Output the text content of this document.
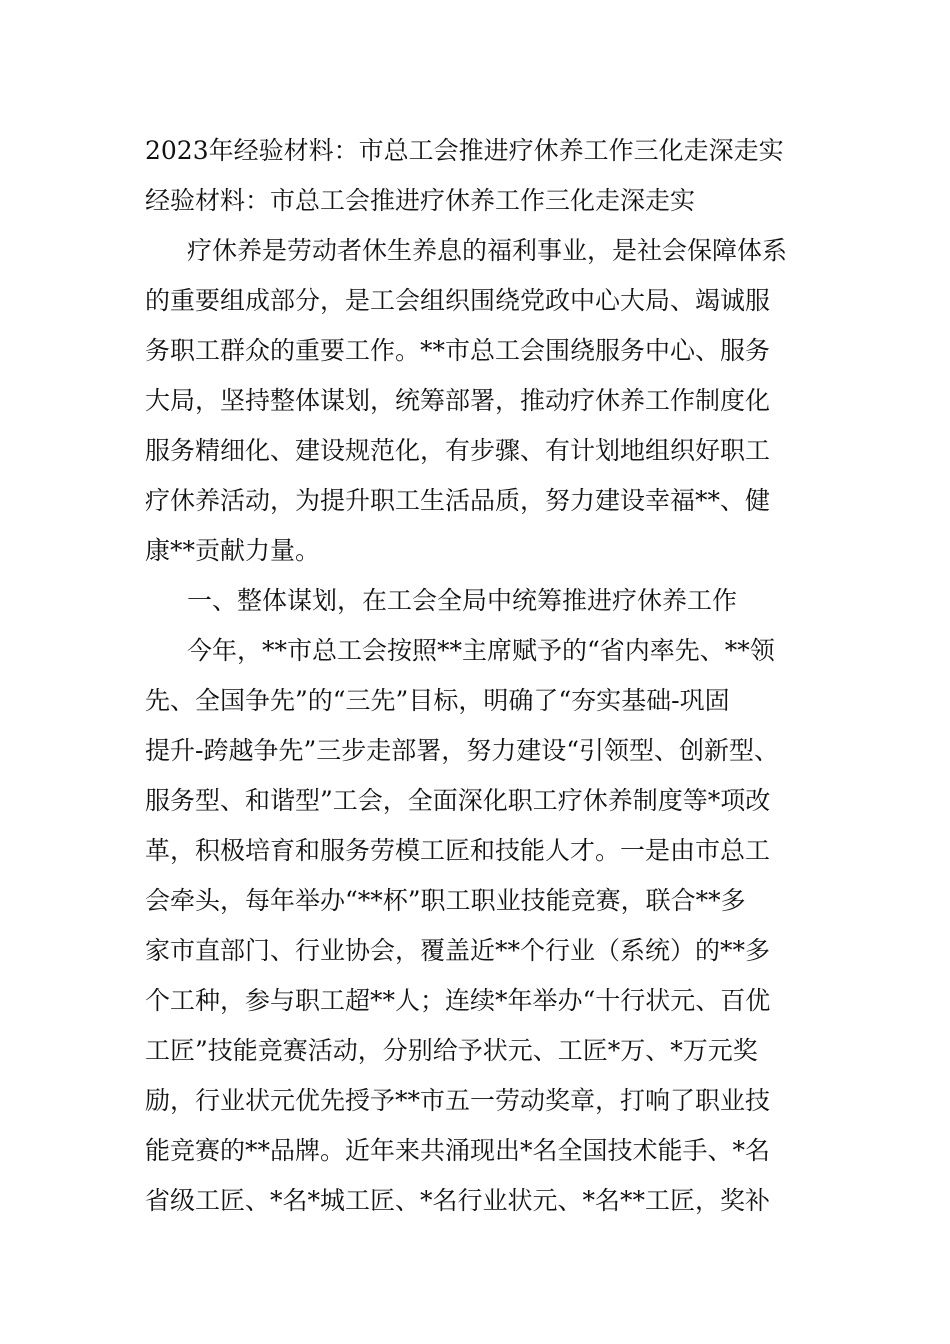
2023年经验材料：市总工会推进疗休养工作三化走深走实
经验材料：市总工会推进疗休养工作三化走深走实
疗休养是劳动者休生养息的福利事业，是社会保障体系
的重要组成部分，是工会组织围绕党政中心大局、竭诚服
务职工群众的重要工作。**市总工会围绕服务中心、服务
大局，坚持整体谋划，统筹部署，推动疗休养工作制度化
服务精细化、建设规范化，有步骤、有计划地组织好职工
疗休养活动，为提升职工生活品质，努力建设幸福**、健
康**贡献力量。
一、整体谋划，在工会全局中统筹推进疗休养工作
今年，**市总工会按照**主席赋予的“省内率先、**领
先、全国争先”的“三先”目标，明确了“夯实基础-巩固
提升-跨越争先”三步走部署，努力建设“引领型、创新型、
服务型、和谐型”工会，全面深化职工疗休养制度等*项改
革，积极培育和服务劳模工匠和技能人才。一是由市总工
会牵头，每年举办“**杯”职工职业技能竞赛，联合**多
家市直部门、行业协会，覆盖近**个行业（系统）的**多
个工种，参与职工超**人；连续*年举办“十行状元、百优
工匠”技能竞赛活动，分别给予状元、工匠*万、*万元奖
励，行业状元优先授予**市五一劳动奖章，打响了职业技
能竞赛的**品牌。近年来共涌现出*名全国技术能手、*名
省级工匠、*名*城工匠、*名行业状元、*名**工匠，奖补
